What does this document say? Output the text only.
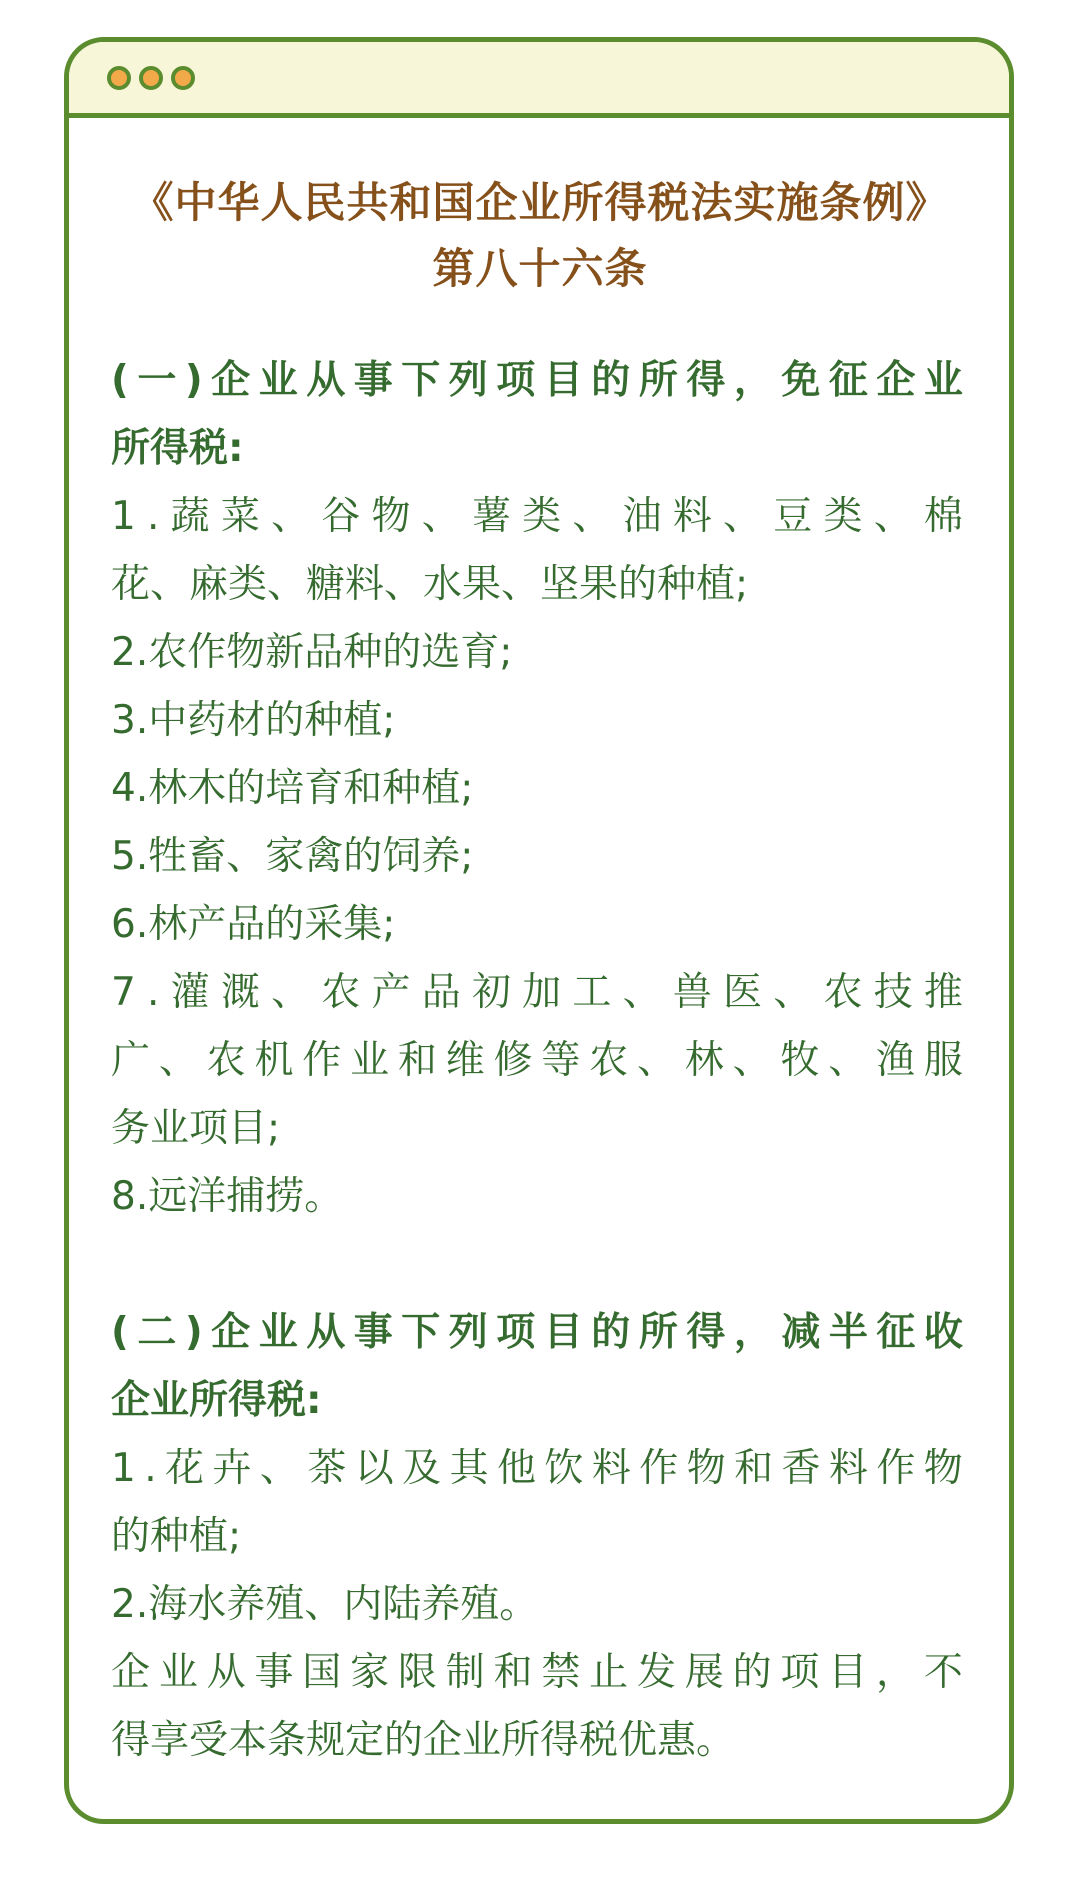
《中华人民共和国企业所得税法实施条例》
第八十六条
( 一 ) 企 业 从 事 下 列 项 目 的 所 得 ， 免 征 企 业
所得税:
1 . 蔬 菜 、 谷 物 、 薯 类 、 油 料 、 豆 类 、 棉
花、麻类、糖料、水果、坚果的种植;
2.农作物新品种的选育;
3.中药材的种植;
4.林木的培育和种植;
5.牲畜、家禽的饲养;
6.林产品的采集;
7 . 灌 溉 、 农 产 品 初 加 工 、 兽 医 、 农 技 推
广 、 农 机 作 业 和 维 修 等 农 、 林 、 牧 、 渔 服
务业项目;
8.远洋捕捞。
( 二 ) 企 业 从 事 下 列 项 目 的 所 得 ， 减 半 征 收
企业所得税:
1 . 花 卉 、 茶 以 及 其 他 饮 料 作 物 和 香 料 作 物
的种植;
2.海水养殖、内陆养殖。
企 业 从 事 国 家 限 制 和 禁 止 发 展 的 项 目 ， 不
得享受本条规定的企业所得税优惠。
